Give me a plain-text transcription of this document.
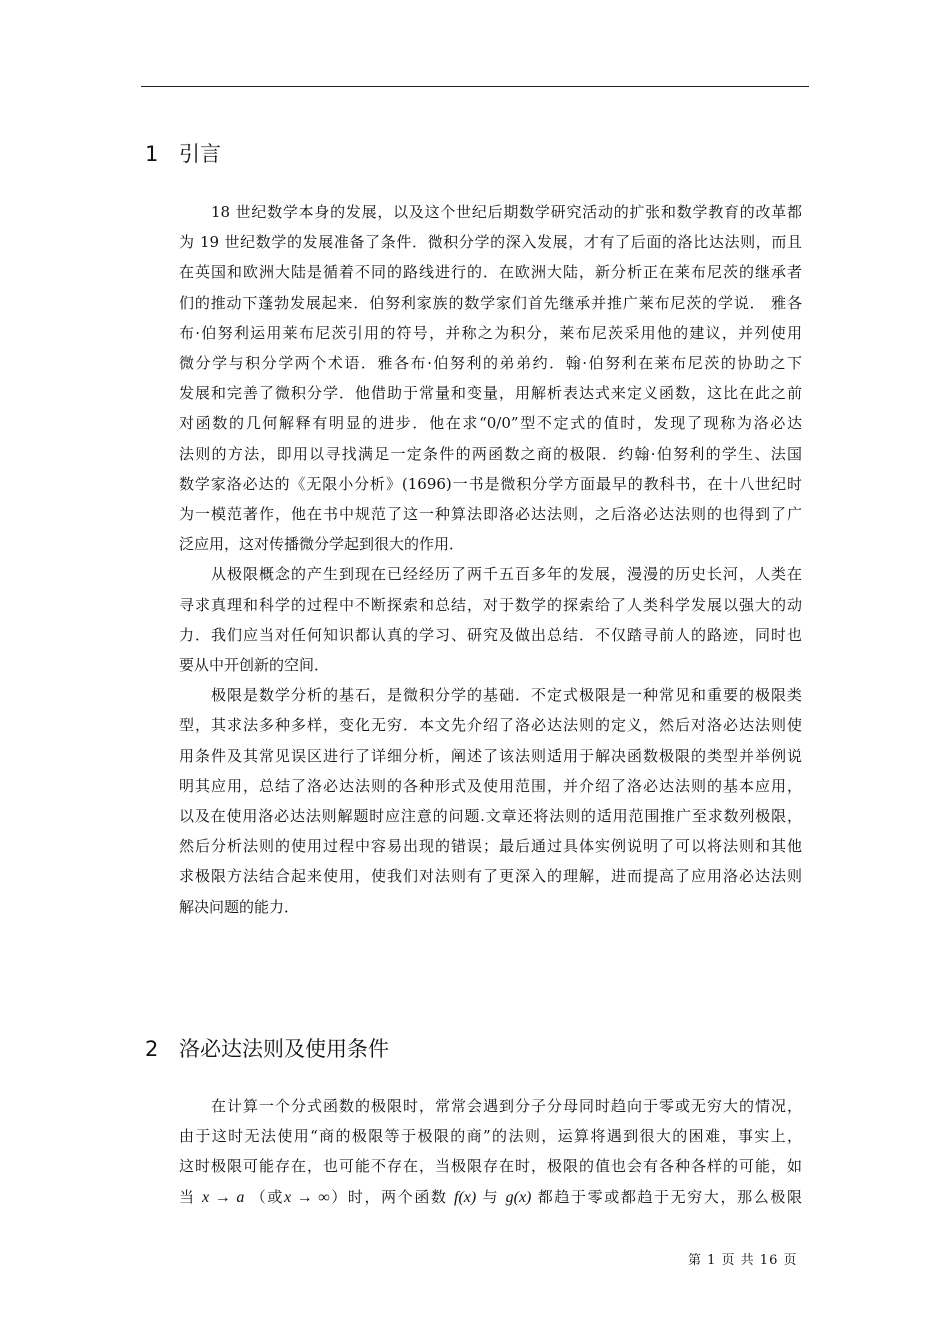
1 引言

18 世纪数学本身的发展，以及这个世纪后期数学研究活动的扩张和数学教育的改革都
为 19 世纪数学的发展准备了条件．微积分学的深入发展，才有了后面的洛比达法则，而且
在英国和欧洲大陆是循着不同的路线进行的．在欧洲大陆，新分析正在莱布尼茨的继承者
们的推动下蓬勃发展起来．伯努利家族的数学家们首先继承并推广莱布尼茨的学说． 雅各
布·伯努利运用莱布尼茨引用的符号，并称之为积分，莱布尼茨采用他的建议，并列使用
微分学与积分学两个术语．雅各布·伯努利的弟弟约．翰·伯努利在莱布尼茨的协助之下
发展和完善了微积分学．他借助于常量和变量，用解析表达式来定义函数，这比在此之前
对函数的几何解释有明显的进步．他在求“0/0”型不定式的值时，发现了现称为洛必达
法则的方法，即用以寻找满足一定条件的两函数之商的极限．约翰·伯努利的学生、法国
数学家洛必达的《无限小分析》(1696)一书是微积分学方面最早的教科书，在十八世纪时
为一模范著作，他在书中规范了这一种算法即洛必达法则，之后洛必达法则的也得到了广
泛应用，这对传播微分学起到很大的作用．

从极限概念的产生到现在已经经历了两千五百多年的发展，漫漫的历史长河，人类在
寻求真理和科学的过程中不断探索和总结，对于数学的探索给了人类科学发展以强大的动
力．我们应当对任何知识都认真的学习、研究及做出总结．不仅踏寻前人的路迹，同时也
要从中开创新的空间．

极限是数学分析的基石，是微积分学的基础．不定式极限是一种常见和重要的极限类
型，其求法多种多样，变化无穷．本文先介绍了洛必达法则的定义，然后对洛必达法则使
用条件及其常见误区进行了详细分析，阐述了该法则适用于解决函数极限的类型并举例说
明其应用，总结了洛必达法则的各种形式及使用范围，并介绍了洛必达法则的基本应用，
以及在使用洛必达法则解题时应注意的问题.文章还将法则的适用范围推广至求数列极限，
然后分析法则的使用过程中容易出现的错误；最后通过具体实例说明了可以将法则和其他
求极限方法结合起来使用，使我们对法则有了更深入的理解，进而提高了应用洛必达法则
解决问题的能力．

2 洛必达法则及使用条件

在计算一个分式函数的极限时，常常会遇到分子分母同时趋向于零或无穷大的情况，
由于这时无法使用“商的极限等于极限的商”的法则，运算将遇到很大的困难，事实上，
这时极限可能存在，也可能不存在，当极限存在时，极限的值也会有各种各样的可能，如
当 x → a （或x → ∞）时，两个函数 f(x) 与 g(x) 都趋于零或都趋于无穷大，那么极限

第 1 页 共 16 页
